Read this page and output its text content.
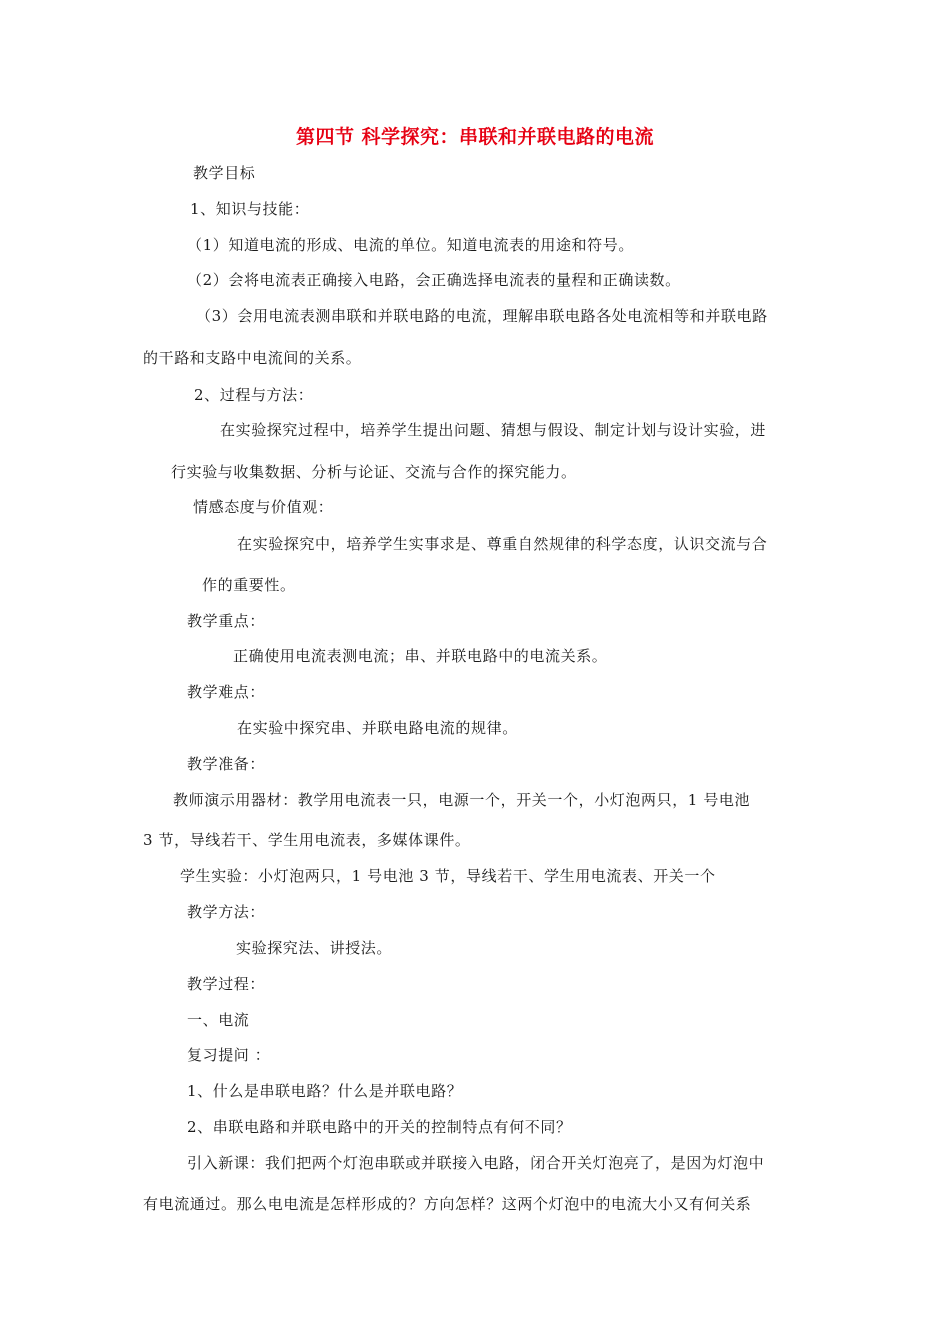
第四节 科学探究：串联和并联电路的电流
教学目标
1、知识与技能：
（1）知道电流的形成、电流的单位。知道电流表的用途和符号。
（2）会将电流表正确接入电路，会正确选择电流表的量程和正确读数。
（3）会用电流表测串联和并联电路的电流，理解串联电路各处电流相等和并联电路
的干路和支路中电流间的关系。
2、过程与方法：
在实验探究过程中，培养学生提出问题、猜想与假设、制定计划与设计实验，进
行实验与收集数据、分析与论证、交流与合作的探究能力。
情感态度与价值观：
在实验探究中，培养学生实事求是、尊重自然规律的科学态度，认识交流与合
作的重要性。
教学重点：
正确使用电流表测电流；串、并联电路中的电流关系。
教学难点：
在实验中探究串、并联电路电流的规律。
教学准备：
教师演示用器材：教学用电流表一只，电源一个，开关一个，小灯泡两只，1 号电池
3 节，导线若干、学生用电流表，多媒体课件。
学生实验：小灯泡两只，1 号电池 3 节，导线若干、学生用电流表、开关一个
教学方法：
实验探究法、讲授法。
教学过程：
一、电流
复习提问 ：
1、什么是串联电路？什么是并联电路？
2、串联电路和并联电路中的开关的控制特点有何不同？
引入新课：我们把两个灯泡串联或并联接入电路，闭合开关灯泡亮了，是因为灯泡中
有电流通过。那么电电流是怎样形成的？方向怎样？这两个灯泡中的电流大小又有何关系
